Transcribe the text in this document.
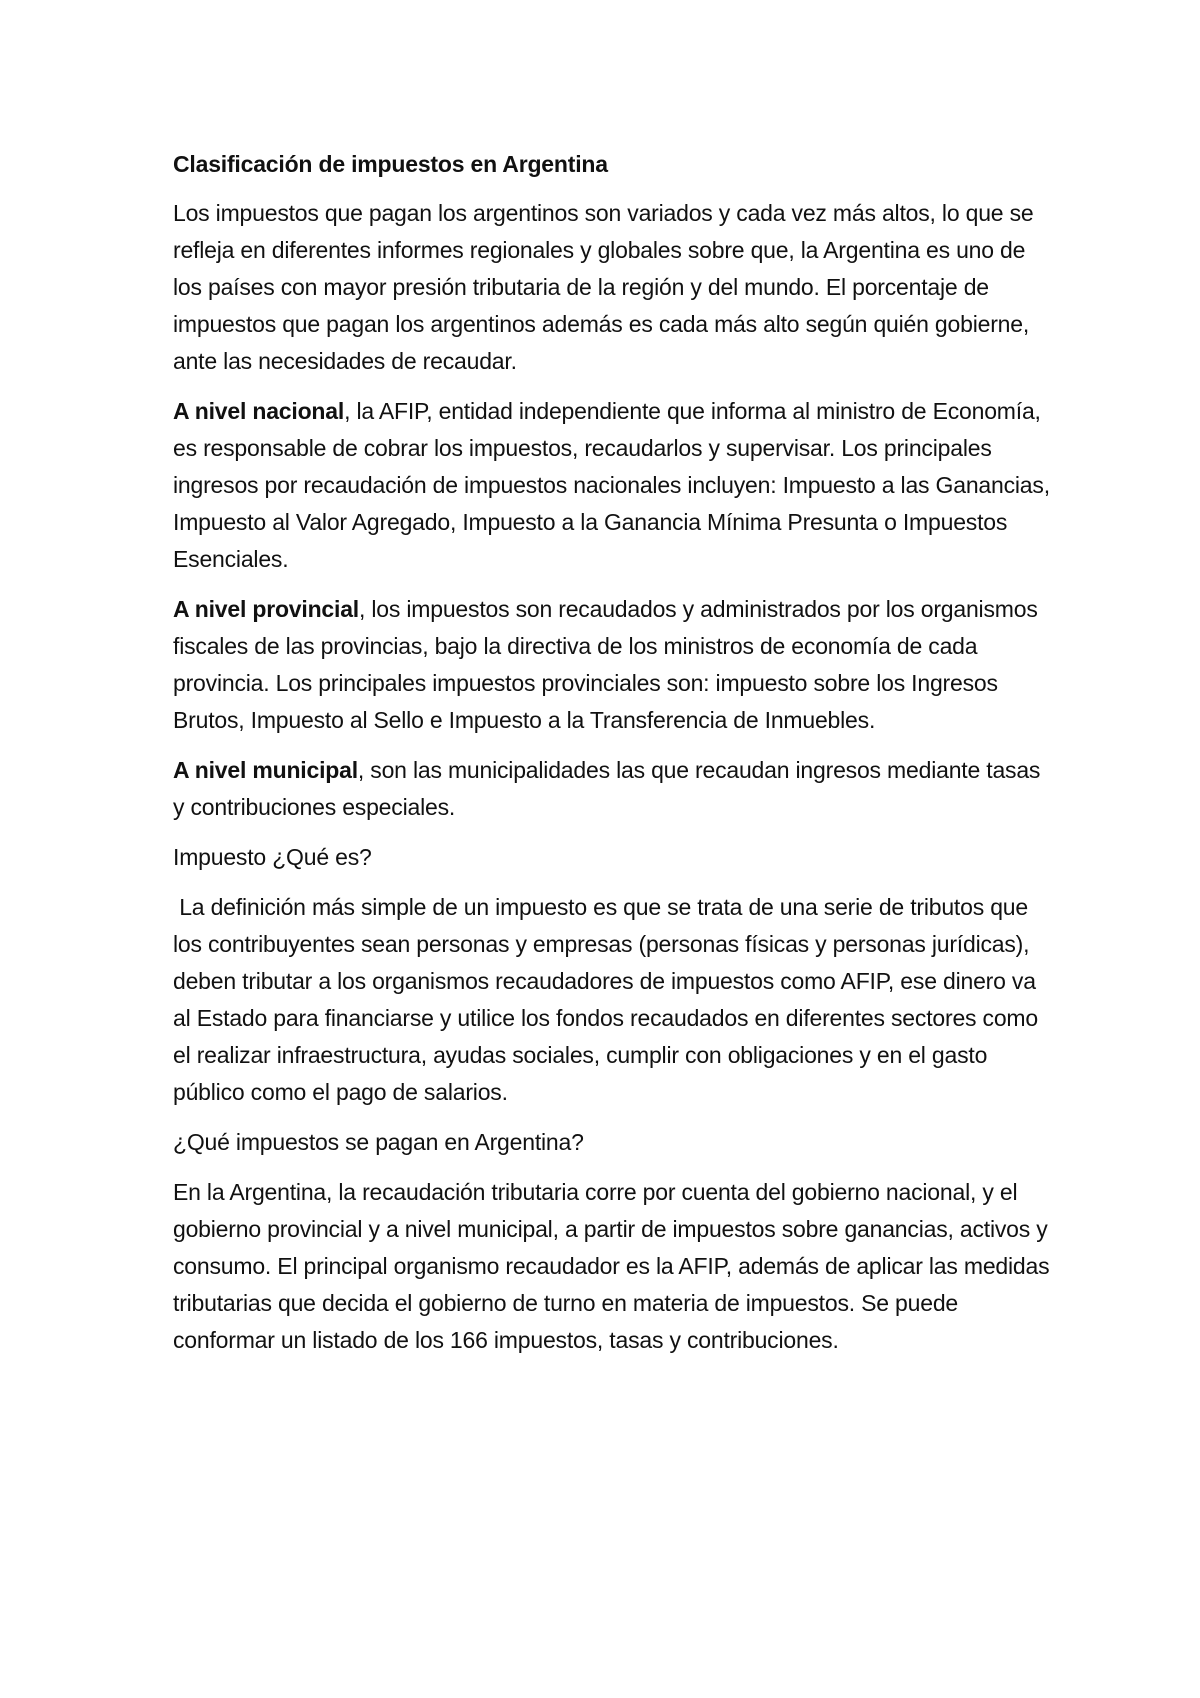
Clasificación de impuestos en Argentina

Los impuestos que pagan los argentinos son variados y cada vez más altos, lo que se refleja en diferentes informes regionales y globales sobre que, la Argentina es uno de los países con mayor presión tributaria de la región y del mundo. El porcentaje de impuestos que pagan los argentinos además es cada más alto según quién gobierne, ante las necesidades de recaudar.

A nivel nacional, la AFIP, entidad independiente que informa al ministro de Economía, es responsable de cobrar los impuestos, recaudarlos y supervisar. Los principales ingresos por recaudación de impuestos nacionales incluyen: Impuesto a las Ganancias, Impuesto al Valor Agregado, Impuesto a la Ganancia Mínima Presunta o Impuestos Esenciales.

A nivel provincial, los impuestos son recaudados y administrados por los organismos fiscales de las provincias, bajo la directiva de los ministros de economía de cada provincia. Los principales impuestos provinciales son: impuesto sobre los Ingresos Brutos, Impuesto al Sello e Impuesto a la Transferencia de Inmuebles.

A nivel municipal, son las municipalidades las que recaudan ingresos mediante tasas y contribuciones especiales.

Impuesto ¿Qué es?

La definición más simple de un impuesto es que se trata de una serie de tributos que los contribuyentes sean personas y empresas (personas físicas y personas jurídicas), deben tributar a los organismos recaudadores de impuestos como AFIP, ese dinero va al Estado para financiarse y utilice los fondos recaudados en diferentes sectores como el realizar infraestructura, ayudas sociales, cumplir con obligaciones y en el gasto público como el pago de salarios.

¿Qué impuestos se pagan en Argentina?

En la Argentina, la recaudación tributaria corre por cuenta del gobierno nacional, y el gobierno provincial y a nivel municipal, a partir de impuestos sobre ganancias, activos y consumo. El principal organismo recaudador es la AFIP, además de aplicar las medidas tributarias que decida el gobierno de turno en materia de impuestos. Se puede conformar un listado de los 166 impuestos, tasas y contribuciones.
